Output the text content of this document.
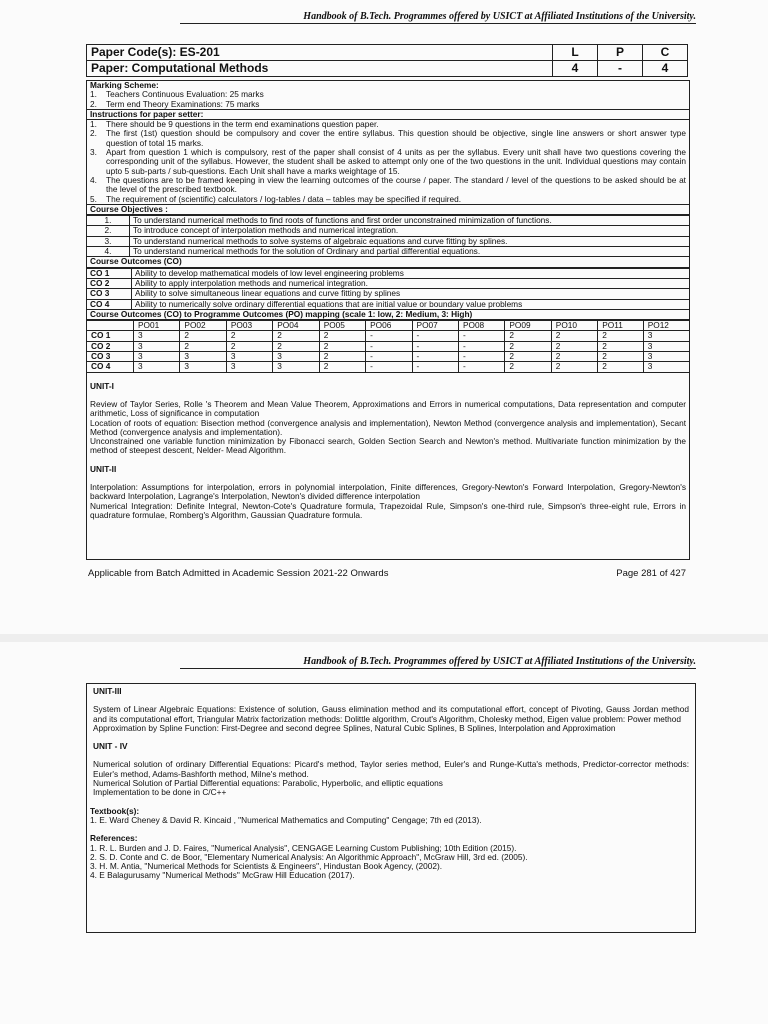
Handbook of B.Tech. Programmes offered by USICT at Affiliated Institutions of the University.
Paper Code(s): ES-201	L	P	C
Paper: Computational Methods	4	-	4
Marking Scheme:
1.	Teachers Continuous Evaluation: 25 marks
2.	Term end Theory Examinations: 75 marks
Instructions for paper setter:
1.	There should be 9 questions in the term end examinations question paper.
2.	The first (1st) question should be compulsory and cover the entire syllabus. This question should be objective, single line answers or short answer type question of total 15 marks.
3.	Apart from question 1 which is compulsory, rest of the paper shall consist of 4 units as per the syllabus. Every unit shall have two questions covering the corresponding unit of the syllabus. However, the student shall be asked to attempt only one of the two questions in the unit. Individual questions may contain upto 5 sub-parts / sub-questions. Each Unit shall have a marks weightage of 15.
4.	The questions are to be framed keeping in view the learning outcomes of the course / paper. The standard / level of the questions to be asked should be at the level of the prescribed textbook.
5.	The requirement of (scientific) calculators / log-tables / data – tables may be specified if required.
Course Objectives :
1.	To understand numerical methods to find roots of functions and first order unconstrained minimization of functions.
2.	To introduce concept of interpolation methods and numerical integration.
3.	To understand numerical methods to solve systems of algebraic equations and curve fitting by splines.
4.	To understand numerical methods for the solution of Ordinary and partial differential equations.
Course Outcomes (CO)
CO 1	Ability to develop mathematical models of low level engineering problems
CO 2	Ability to apply interpolation methods and numerical integration.
CO 3	Ability to solve simultaneous linear equations and curve fitting by splines
CO 4	Ability to numerically solve ordinary differential equations that are initial value or boundary value problems
Course Outcomes (CO) to Programme Outcomes (PO) mapping (scale 1: low, 2: Medium, 3: High)
	PO01	PO02	PO03	PO04	PO05	PO06	PO07	PO08	PO09	PO10	PO11	PO12
CO 1	3	2	2	2	2	-	-	-	2	2	2	3
CO 2	3	2	2	2	2	-	-	-	2	2	2	3
CO 3	3	3	3	3	2	-	-	-	2	2	2	3
CO 4	3	3	3	3	2	-	-	-	2	2	2	3
UNIT-I

Review of Taylor Series, Rolle 's Theorem and Mean Value Theorem, Approximations and Errors in numerical computations, Data representation and computer arithmetic, Loss of significance in computation

Location of roots of equation: Bisection method (convergence analysis and implementation), Newton Method (convergence analysis and implementation), Secant Method (convergence analysis and implementation).

Unconstrained one variable function minimization by Fibonacci search, Golden Section Search and Newton's method. Multivariate function minimization by the method of steepest descent, Nelder- Mead Algorithm.

UNIT-II

Interpolation: Assumptions for interpolation, errors in polynomial interpolation, Finite differences, Gregory-Newton's Forward Interpolation, Gregory-Newton's backward Interpolation, Lagrange's Interpolation, Newton's divided difference interpolation

Numerical Integration: Definite Integral, Newton-Cote's Quadrature formula, Trapezoidal Rule, Simpson's one-third rule, Simpson's three-eight rule, Errors in quadrature formulae, Romberg's Algorithm, Gaussian Quadrature formula.

Applicable from Batch Admitted in Academic Session 2021-22 Onwards	Page 281 of 427
Handbook of B.Tech. Programmes offered by USICT at Affiliated Institutions of the University.
UNIT-III

System of Linear Algebraic Equations: Existence of solution, Gauss elimination method and its computational effort, concept of Pivoting, Gauss Jordan method and its computational effort, Triangular Matrix factorization methods: Dolittle algorithm, Crout's Algorithm, Cholesky method, Eigen value problem: Power method

Approximation by Spline Function: First-Degree and second degree Splines, Natural Cubic Splines, B Splines, Interpolation and Approximation

UNIT - IV

Numerical solution of ordinary Differential Equations: Picard's method, Taylor series method, Euler's and Runge-Kutta's methods, Predictor-corrector methods: Euler's method, Adams-Bashforth method, Milne's method.

Numerical Solution of Partial Differential equations: Parabolic, Hyperbolic, and elliptic equations

Implementation to be done in C/C++

Textbook(s):
1. E. Ward Cheney & David R. Kincaid , "Numerical Mathematics and Computing" Cengage; 7th ed (2013).
References:
1. R. L. Burden and J. D. Faires, "Numerical Analysis", CENGAGE Learning Custom Publishing; 10th Edition (2015).
2. S. D. Conte and C. de Boor, "Elementary Numerical Analysis: An Algorithmic Approach", McGraw Hill, 3rd ed. (2005).
3. H. M. Antia, "Numerical Methods for Scientists & Engineers", Hindustan Book Agency, (2002).
4. E Balagurusamy "Numerical Methods" McGraw Hill Education (2017).
